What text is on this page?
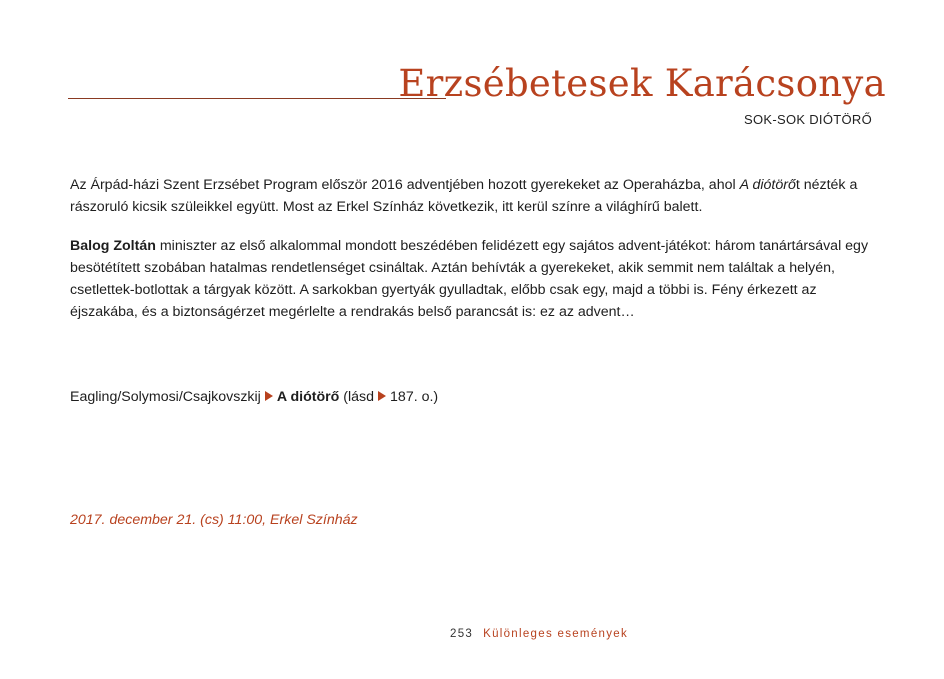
Erzsébetesek Karácsonya
SOK-SOK DIÓTÖRŐ

Az Árpád-házi Szent Erzsébet Program először 2016 adventjében hozott gyerekeket az Operaházba, ahol A diótörőt nézték a rászoruló kicsik szüleikkel együtt. Most az Erkel Színház következik, itt kerül színre a világhírű balett.

Balog Zoltán miniszter az első alkalommal mondott beszédében felidézett egy sajátos advent-játékot: három tanártársával egy besötétített szobában hatalmas rendetlenséget csináltak. Aztán behívták a gyerekeket, akik semmit nem találtak a helyén, csetlettek-botlottak a tárgyak között. A sarkokban gyertyák gyulladtak, előbb csak egy, majd a többi is. Fény érkezett az éjszakába, és a biztonságérzet megérlelte a rendrakás belső parancsát is: ez az advent…

Eagling/Solymosi/Csajkovszkij A diótörő (lásd 187. o.)
2017. december 21. (cs) 11:00, Erkel Színház
253 Különleges események
